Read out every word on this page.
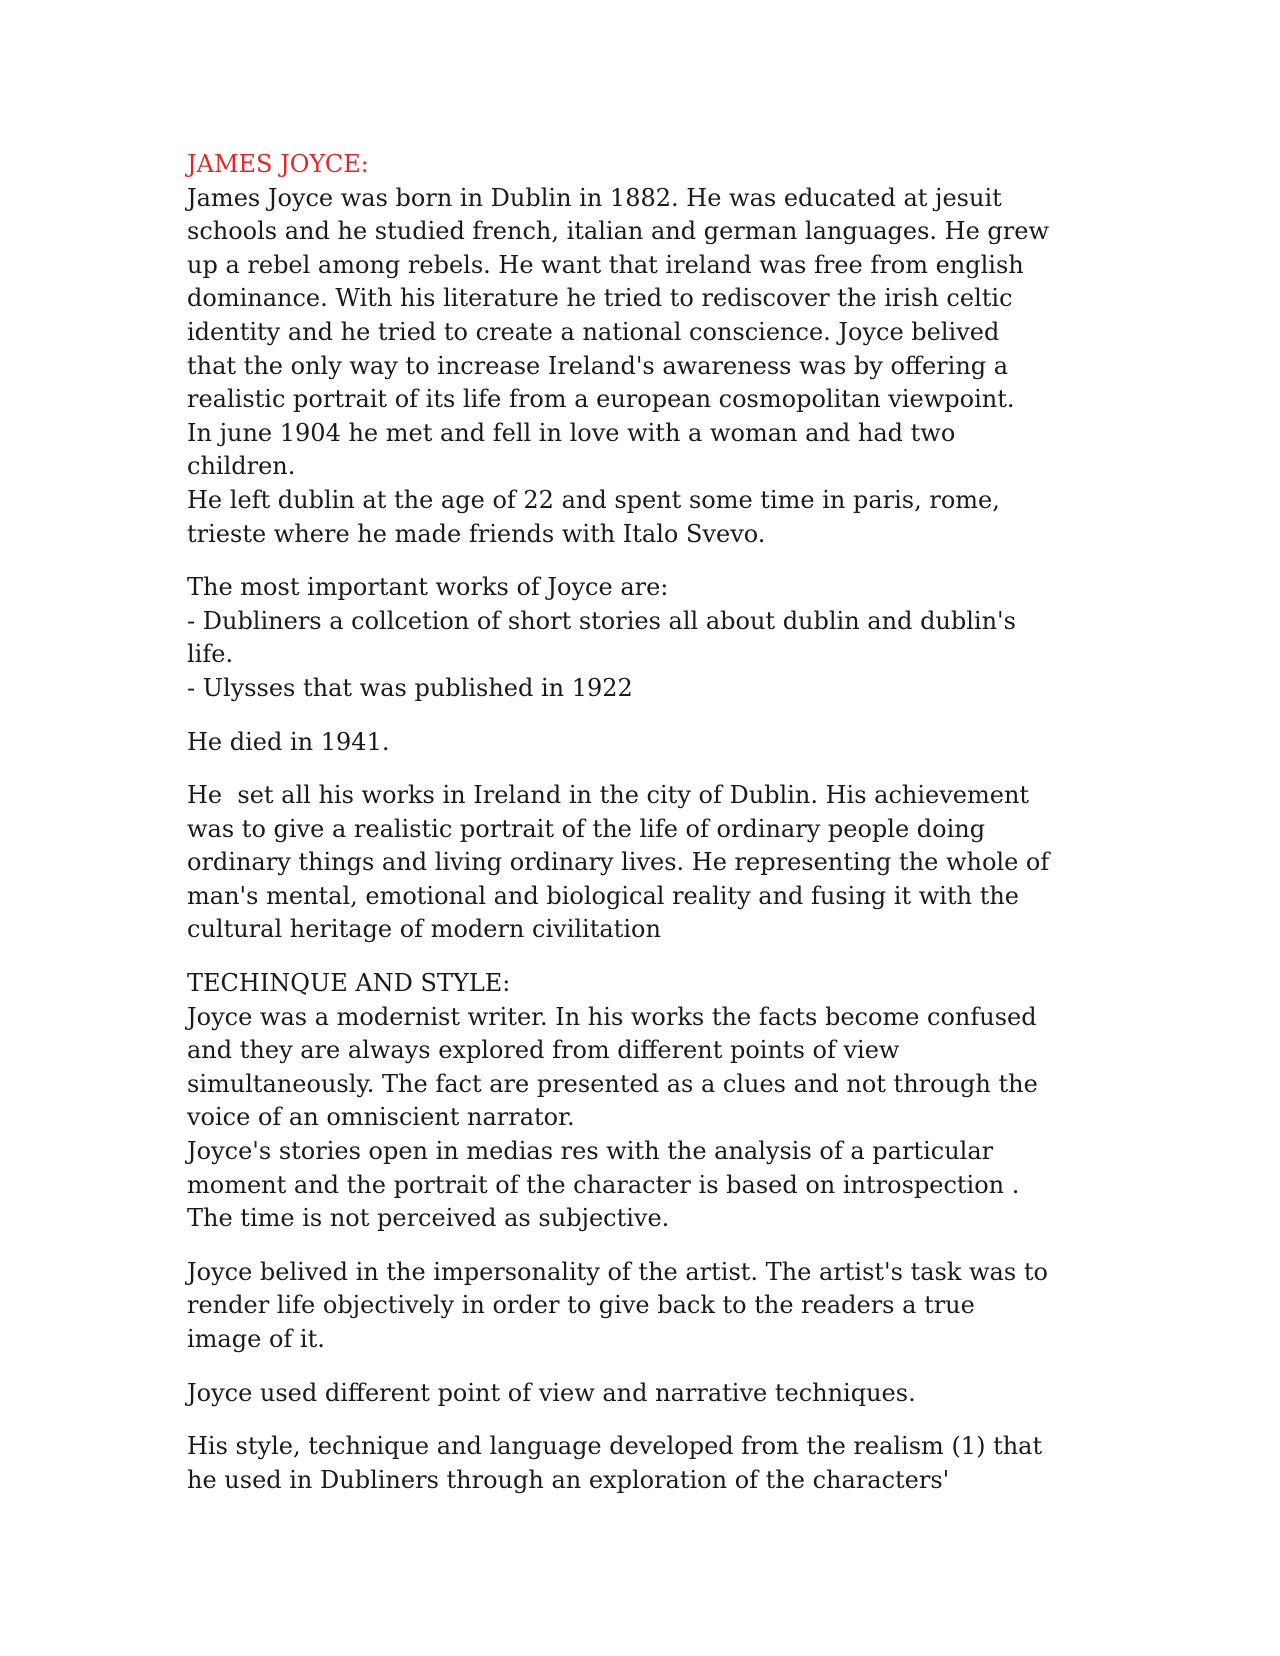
JAMES JOYCE:
James Joyce was born in Dublin in 1882. He was educated at jesuit
schools and he studied french, italian and german languages. He grew
up a rebel among rebels. He want that ireland was free from english
dominance. With his literature he tried to rediscover the irish celtic
identity and he tried to create a national conscience. Joyce belived
that the only way to increase Ireland's awareness was by offering a
realistic portrait of its life from a european cosmopolitan viewpoint.
In june 1904 he met and fell in love with a woman and had two
children.
He left dublin at the age of 22 and spent some time in paris, rome,
trieste where he made friends with Italo Svevo.
The most important works of Joyce are:
- Dubliners a collcetion of short stories all about dublin and dublin's
life.
- Ulysses that was published in 1922
He died in 1941.
He  set all his works in Ireland in the city of Dublin. His achievement
was to give a realistic portrait of the life of ordinary people doing
ordinary things and living ordinary lives. He representing the whole of
man's mental, emotional and biological reality and fusing it with the
cultural heritage of modern civilitation
TECHINQUE AND STYLE:
Joyce was a modernist writer. In his works the facts become confused
and they are always explored from different points of view
simultaneously. The fact are presented as a clues and not through the
voice of an omniscient narrator.
Joyce's stories open in medias res with the analysis of a particular
moment and the portrait of the character is based on introspection .
The time is not perceived as subjective.
Joyce belived in the impersonality of the artist. The artist's task was to
render life objectively in order to give back to the readers a true
image of it.
Joyce used different point of view and narrative techniques.
His style, technique and language developed from the realism (1) that
he used in Dubliners through an exploration of the characters'
